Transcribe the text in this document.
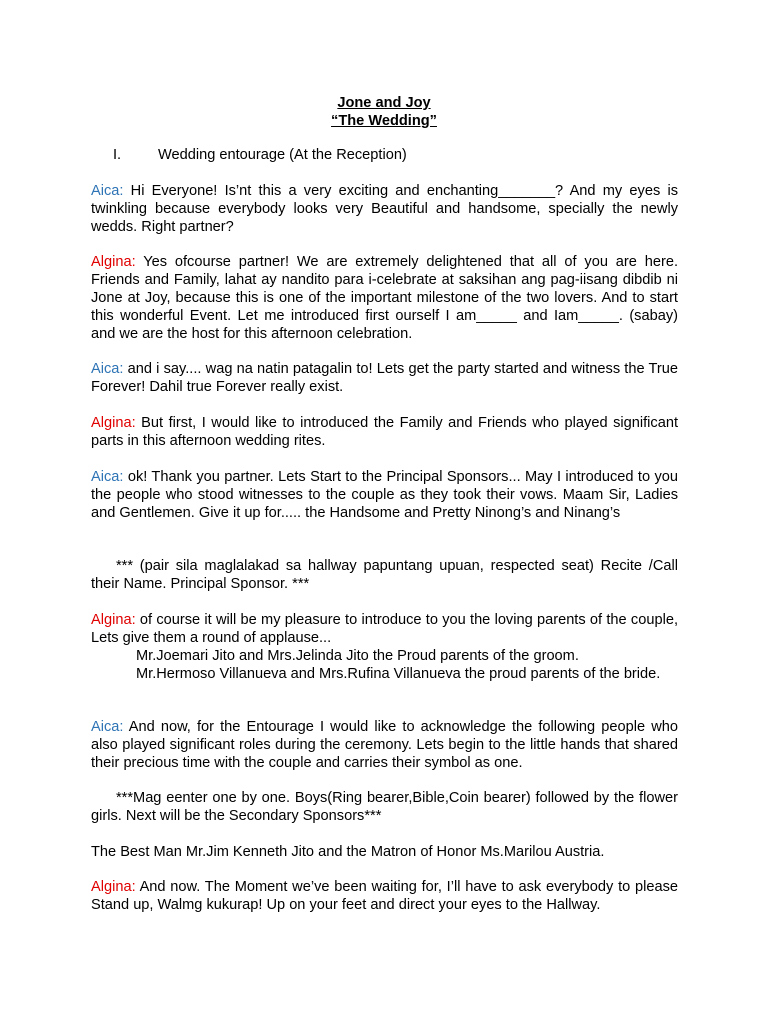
Jone and Joy

“The Wedding”

I.	Wedding entourage (At the Reception)

Aica: Hi Everyone! Is’nt this a very exciting and enchanting_______? And my eyes is twinkling because everybody looks very Beautiful and handsome, specially the newly wedds. Right partner?

Algina: Yes ofcourse partner! We are extremely delightened that all of you are here. Friends and Family, lahat ay nandito para i-celebrate at saksihan ang pag-iisang dibdib ni Jone at Joy, because this is one of the important milestone of the two lovers. And to start this wonderful Event. Let me introduced first ourself I am_____ and Iam_____. (sabay) and we are the host for this afternoon celebration.

Aica: and i say.... wag na natin patagalin to! Lets get the party started and witness the True Forever! Dahil true Forever really exist.

Algina: But first, I would like to introduced the Family and Friends who played significant parts in this afternoon wedding rites.

Aica: ok! Thank you partner. Lets Start to the Principal Sponsors... May I introduced to you the people who stood witnesses to the couple as they took their vows. Maam Sir, Ladies and Gentlemen. Give it up for..... the Handsome and Pretty Ninong’s and Ninang’s

*** (pair sila maglalakad sa hallway papuntang upuan, respected seat) Recite /Call their Name. Principal Sponsor. ***

Algina: of course it will be my pleasure to introduce to you the loving parents of the couple, Lets give them a round of applause...
Mr.Joemari Jito and Mrs.Jelinda Jito the Proud parents of the groom.
Mr.Hermoso Villanueva and Mrs.Rufina Villanueva the proud parents of the bride.

Aica: And now, for the Entourage I would like to acknowledge the following people who also played significant roles during the ceremony. Lets begin to the little hands that shared their precious time with the couple and carries their symbol as one.

***Mag eenter one by one. Boys(Ring bearer,Bible,Coin bearer) followed by the flower girls. Next will be the Secondary Sponsors***

The Best Man Mr.Jim Kenneth Jito and the Matron of Honor Ms.Marilou Austria.

Algina: And now. The Moment we’ve been waiting for, I’ll have to ask everybody to please Stand up, Walmg kukurap! Up on your feet and direct your eyes to the Hallway.
